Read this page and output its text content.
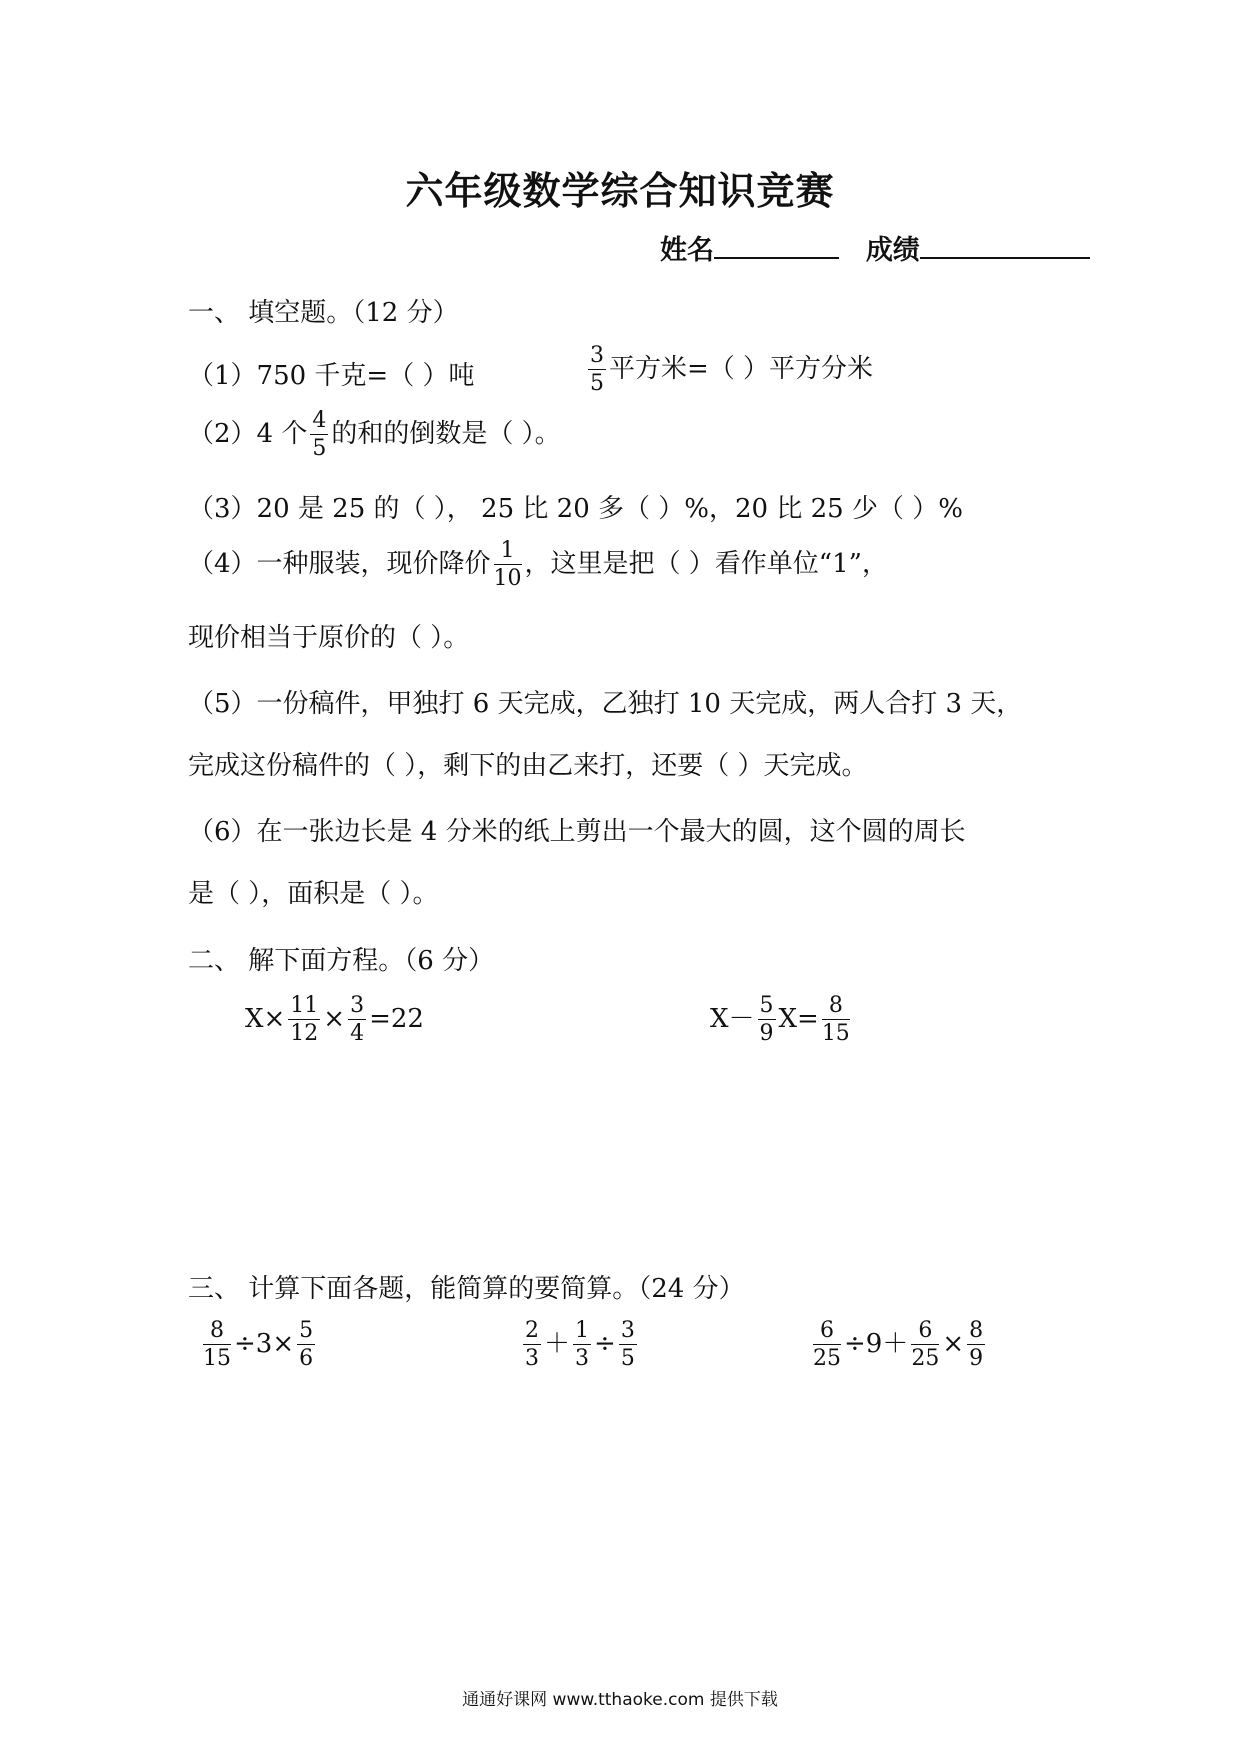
六年级数学综合知识竞赛
姓名	成绩
一、 填空题。（12 分）
（1）750 千克=（ ）吨	$\frac{3}{5}$ 平方米=（ ）平方分米
（2）4 个 $\frac{4}{5}$ 的和的倒数是（ ）。
（3）20 是 25 的（ ）， 25 比 20 多（ ）%，20 比 25 少（ ）%
（4）一种服装，现价降价 $\frac{1}{10}$ ，这里是把（ ）看作单位“1”，
现价相当于原价的（ ）。
（5）一份稿件，甲独打 6 天完成，乙独打 10 天完成，两人合打 3 天，
完成这份稿件的（ ），剩下的由乙来打，还要（ ）天完成。
（6）在一张边长是 4 分米的纸上剪出一个最大的圆，这个圆的周长
是（ ），面积是（ ）。
二、 解下面方程。（6 分）
$X\times \frac{11}{12} \times \frac{3}{4} =22$	$X- \frac{5}{9} X= \frac{8}{15}$
三、 计算下面各题，能简算的要简算。（24 分）
$\frac{8}{15} \div 3\times \frac{5}{6}$	$\frac{2}{3} + \frac{1}{3} \div \frac{3}{5}$	$\frac{6}{25} \div 9+ \frac{6}{25} \times \frac{8}{9}$
通通好课网 www.tthaoke.com 提供下载
